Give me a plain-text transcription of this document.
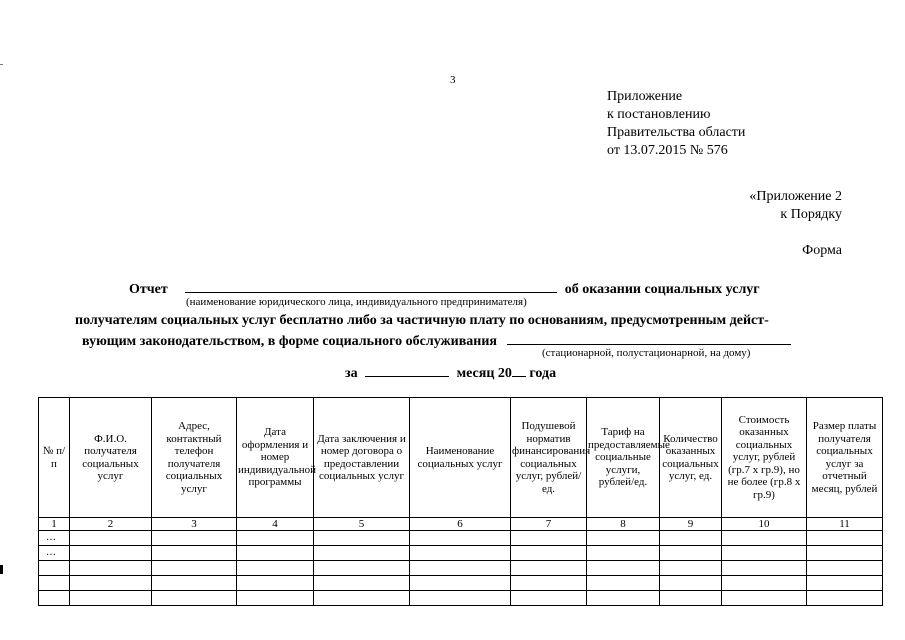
3
Приложение
к постановлению
Правительства области
от 13.07.2015 № 576
«Приложение 2
к Порядку
Форма
Отчет	об оказании социальных услуг
(наименование юридического лица, индивидуального предпринимателя)
получателям социальных услуг бесплатно либо за частичную плату по основаниям, предусмотренным дейст-
вующим законодательством, в форме социального обслуживания
(стационарной, полустационарной, на дому)
за	месяц 20 года
№ п/п	Ф.И.О. получателя социальных услуг	Адрес, контактный телефон получателя социальных услуг	Дата оформления и номер индивидуальной программы	Дата заключения и номер договора о предоставлении социальных услуг	Наименование социальных услуг	Подушевой норматив финансирования социальных услуг, рублей/ед.	Тариф на предоставляемые социальные услуги, рублей/ед.	Количество оказанных социальных услуг, ед.	Стоимость оказанных социальных услуг, рублей (гр.7 х гр.9), но не более (гр.8 х гр.9)	Размер платы получателя социальных услуг за отчетный месяц, рублей
1	2	3	4	5	6	7	8	9	10	11
…										
…										
